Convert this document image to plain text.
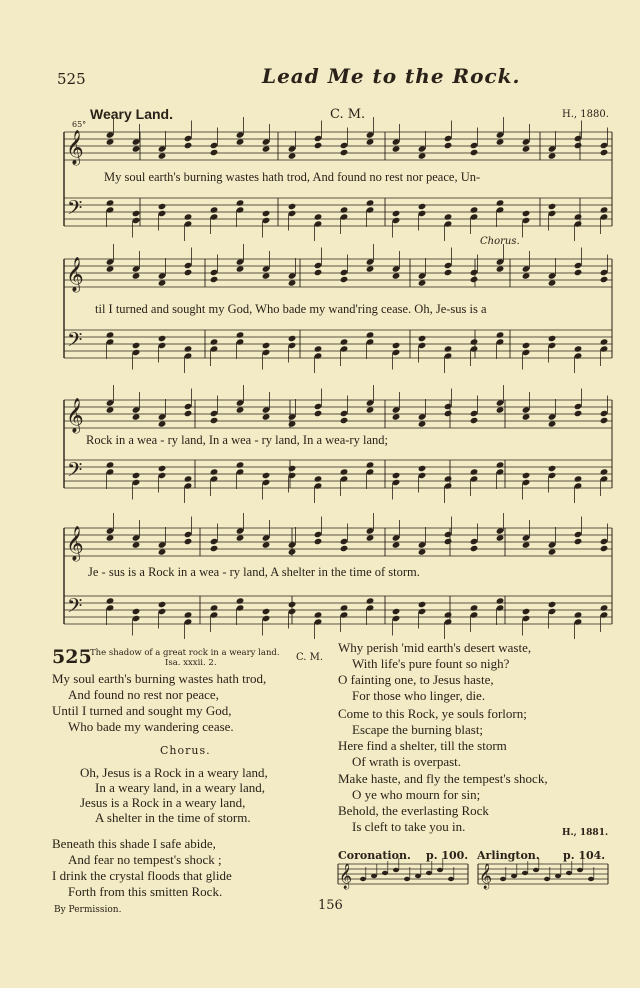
525	Lead Me to the Rock.
65°
Weary Land.	C. M.	H., 1880.
Chorus.
𝄞
𝄢
𝄞
𝄢
𝄞
𝄢
𝄞
𝄢
My soul earth's burning wastes hath trod, And found no rest nor peace, Un-
til I turned and sought my God, Who bade my wand'ring cease. Oh, Je-sus is a
Rock in a wea - ry land, In a wea - ry land, In a wea-ry land;
Je - sus is a Rock in a wea - ry land, A shelter in the time of storm.
525
The shadow of a great rock in a weary land.
Isa. xxxii. 2.	C. M.
My soul earth's burning wastes hath trod,
And found no rest nor peace,
Until I turned and sought my God,
Who bade my wandering cease.
Chorus.
Oh, Jesus is a Rock in a weary land,
In a weary land, in a weary land,
Jesus is a Rock in a weary land,
A shelter in the time of storm.
Beneath this shade I safe abide,
And fear no tempest's shock ;
I drink the crystal floods that glide
Forth from this smitten Rock.
Why perish 'mid earth's desert waste,
With life's pure fount so nigh?
O fainting one, to Jesus haste,
For those who linger, die.
Come to this Rock, ye souls forlorn;
Escape the burning blast;
Here find a shelter, till the storm
Of wrath is overpast.
Make haste, and fly the tempest's shock,
O ye who mourn for sin;
Behold, the everlasting Rock
Is cleft to take you in.	H., 1881.
Coronation. p. 100. Arlington. p. 104.
𝄞	𝄞
156
By Permission.
